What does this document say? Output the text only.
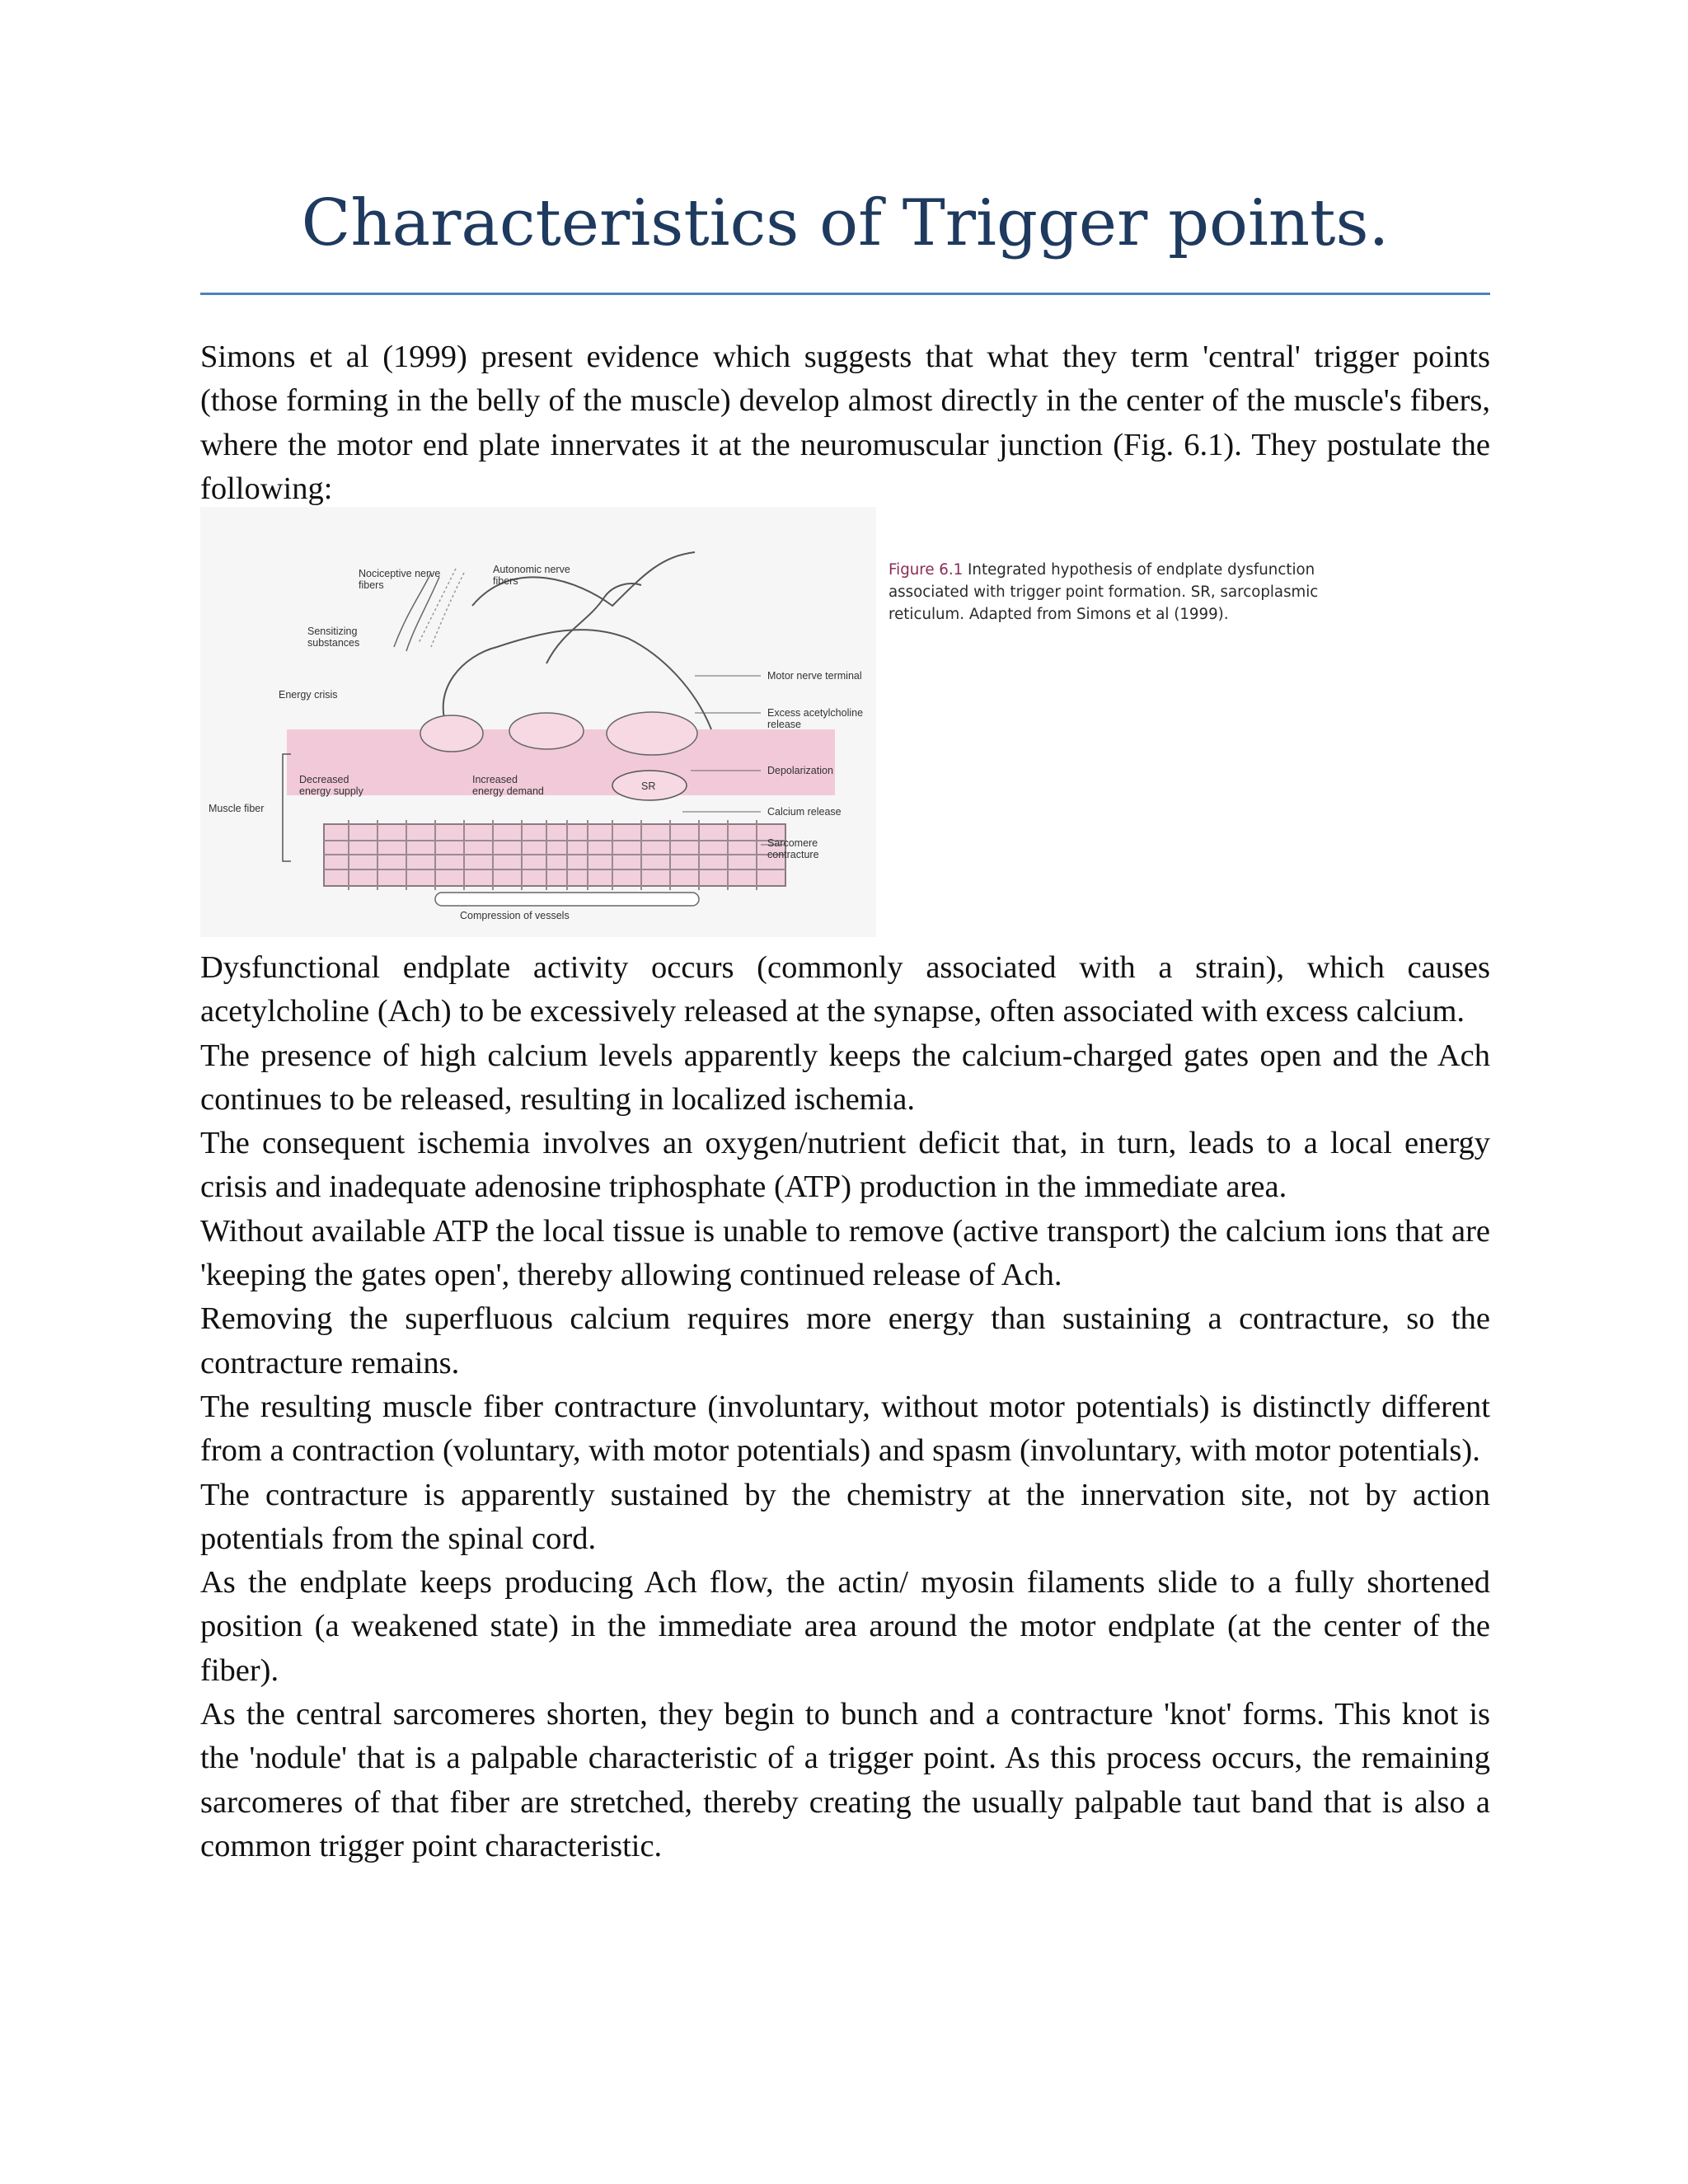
Characteristics of Trigger points.

Simons et al (1999) present evidence which suggests that what they term 'central' trigger points (those forming in the belly of the muscle) develop almost directly in the center of the muscle's fibers, where the motor end plate innervates it at the neuromuscular junction (Fig. 6.1). They postulate the following:

SR
Nociceptive nerve fibers
Autonomic nerve fibers
Sensitizing substances
Energy crisis
Decreased energy supply
Increased energy demand
Muscle fiber
Motor nerve terminal
Excess acetylcholine release
Depolarization
Calcium release
Sarcomere contracture
Compression of vessels
Figure 6.1 Integrated hypothesis of endplate dysfunction associated with trigger point formation. SR, sarcoplasmic reticulum. Adapted from Simons et al (1999).

Dysfunctional endplate activity occurs (commonly associated with a strain), which causes acetylcholine (Ach) to be excessively released at the synapse, often associated with excess calcium.

The presence of high calcium levels apparently keeps the calcium-charged gates open and the Ach continues to be released, resulting in localized ischemia.

The consequent ischemia involves an oxygen/nutrient deficit that, in turn, leads to a local energy crisis and inadequate adenosine triphosphate (ATP) production in the immediate area.

Without available ATP the local tissue is unable to remove (active transport) the calcium ions that are 'keeping the gates open', thereby allowing continued release of Ach.

Removing the superfluous calcium requires more energy than sustaining a contracture, so the contracture remains.

The resulting muscle fiber contracture (involuntary, without motor potentials) is distinctly different from a contraction (voluntary, with motor potentials) and spasm (involuntary, with motor potentials).

The contracture is apparently sustained by the chemistry at the innervation site, not by action potentials from the spinal cord.

As the endplate keeps producing Ach flow, the actin/ myosin filaments slide to a fully shortened position (a weakened state) in the immediate area around the motor endplate (at the center of the fiber).

As the central sarcomeres shorten, they begin to bunch and a contracture 'knot' forms. This knot is the 'nodule' that is a palpable characteristic of a trigger point. As this process occurs, the remaining sarcomeres of that fiber are stretched, thereby creating the usually palpable taut band that is also a common trigger point characteristic.
